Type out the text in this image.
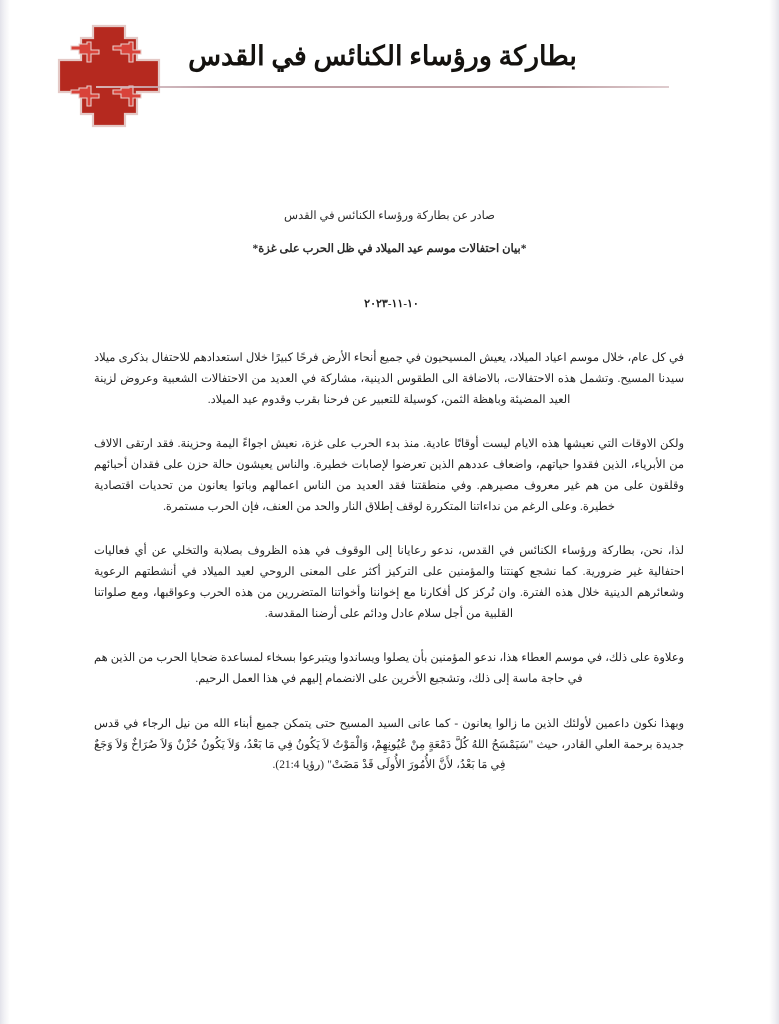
بطاركة ورؤساء الكنائس في القدس
صادر عن بطاركة ورؤساء الكنائس في القدس
*بيان احتفالات موسم عيد الميلاد في ظل الحرب على غزة*
١٠-١١-٢٠٢٣

في كل عام، خلال موسم اعياد الميلاد، يعيش المسيحيون في جميع أنحاء الأرض فرحًا كبيرًا خلال استعدادهم للاحتفال بذكرى ميلاد سيدنا المسيح. وتشمل هذه الاحتفالات، بالاضافة الى الطقوس الدينية، مشاركة في العديد من الاحتفالات الشعبية وعروض لزينة العيد المضيئة وباهظة الثمن، كوسيلة للتعبير عن فرحنا بقرب وقدوم عيد الميلاد.

ولكن الاوقات التي نعيشها هذه الايام ليست أوقاتًا عادية. منذ بدء الحرب على غزة، نعيش اجواءً اليمة وحزينة. فقد ارتقى الالاف من الأبرياء، الذين فقدوا حياتهم، واضعاف عددهم الذين تعرضوا لإصابات خطيرة. والناس يعيشون حالة حزن على فقدان أحبائهم وقلقون على من هم غير معروف مصيرهم. وفي منطقتنا فقد العديد من الناس اعمالهم وباتوا يعانون من تحديات اقتصادية خطيرة. وعلى الرغم من نداءاتنا المتكررة لوقف إطلاق النار والحد من العنف، فإن الحرب مستمرة.

لذا، نحن، بطاركة ورؤساء الكنائس في القدس، ندعو رعايانا إلى الوقوف في هذه الظروف بصلابة والتخلي عن أي فعاليات احتفالية غير ضرورية. كما نشجع كهنتنا والمؤمنين على التركيز أكثر على المعنى الروحي لعيد الميلاد في أنشطتهم الرعوية وشعائرهم الدينية خلال هذه الفترة. وان نُركز كل أفكارنا مع إخواننا وأخواتنا المتضررين من هذه الحرب وعواقبها، ومع صلواتنا القلبية من أجل سلام عادل ودائم على أرضنا المقدسة.

وعلاوة على ذلك، في موسم العطاء هذا، ندعو المؤمنين بأن يصلوا ويساندوا ويتبرعوا بسخاء لمساعدة ضحايا الحرب من الذين هم في حاجة ماسة إلى ذلك، وتشجيع الأخرين على الانضمام إليهم في هذا العمل الرحيم.

وبهذا نكون داعمين لأولئك الذين ما زالوا يعانون - كما عانى السيد المسيح حتى يتمكن جميع أبناء الله من نيل الرجاء في قدس جديدة برحمة العلي القادر، حيث "سَيَمْسَحُ اللهُ كُلَّ دَمْعَةٍ مِنْ عُيُونِهِمْ، وَالْمَوْتُ لاَ يَكُونُ فِي مَا بَعْدُ، وَلاَ يَكُونُ حُزْنٌ وَلاَ صُرَاخٌ وَلاَ وَجَعٌ فِي مَا بَعْدُ، لأَنَّ الأُمُورَ الأُولَى قَدْ مَضَتْ" (رؤيا 21:4).
